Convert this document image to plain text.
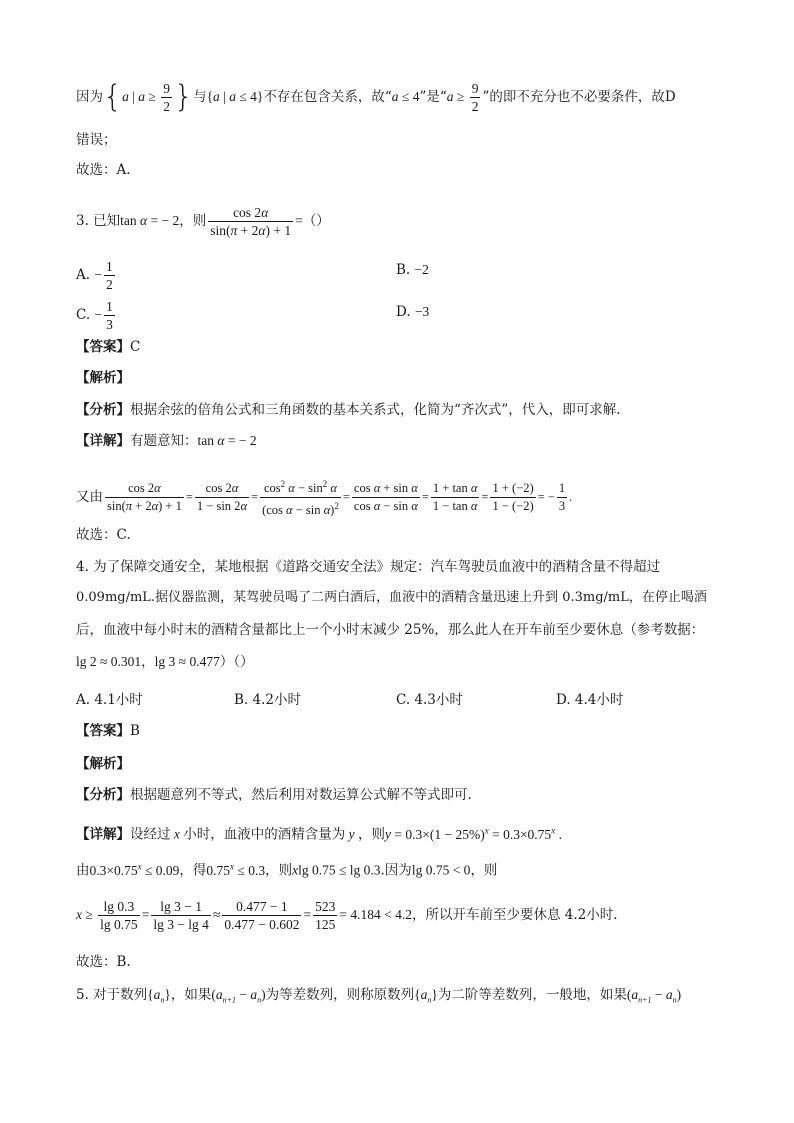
因为{a | $a \ge \frac{9}{2}$ }与{a | a ≤ 4}不存在包含关系，故“a ≤ 4”是“$a \ge \frac{9}{2}$ ”的即不充分也不必要条件，故D
错误；
故选：A.
3. 已知tan α = − 2，则 $\frac{\cos 2\alpha}{\sin(\pi + 2\alpha) + 1}$ =（）
A. − $\frac{1}{2}$	B. −2
C. − $\frac{1}{3}$	D. −3
【答案】C
【解析】
【分析】根据余弦的倍角公式和三角函数的基本关系式，化简为“齐次式”，代入，即可求解.
【详解】有题意知：tan α = − 2
又由 $\frac{\cos 2\alpha}{\sin(\pi + 2\alpha) + 1} = \frac{\cos 2\alpha}{1 - \sin 2\alpha} = \frac{\cos^2 \alpha - \sin^2 \alpha}{(\cos \alpha - \sin \alpha)^2} = \frac{\text{cos α + sin α}}{\text{cos α − sin α}} = \frac{\text{1 + tan α}}{\text{1 − tan α}} = \frac{1 + (-2)}{1 - (-2)}$ = − $\frac{1}{3}$ .
故选：C.
4. 为了保障交通安全，某地根据《道路交通安全法》规定：汽车驾驶员血液中的酒精含量不得超过
0.09mg/mL.据仪器监测，某驾驶员喝了二两白酒后，血液中的酒精含量迅速上升到 0.3mg/mL，在停止喝酒
后，血液中每小时末的酒精含量都比上一个小时末减少 25%，那么此人在开车前至少要休息（参考数据：
lg 2 ≈ 0.301，lg 3 ≈ 0.477）（）
A. 4.1小时	B. 4.2小时	C. 4.3小时	D. 4.4小时
【答案】B
【解析】
【分析】根据题意列不等式，然后利用对数运算公式解不等式即可.
【详解】设经过 x 小时，血液中的酒精含量为 y ，则$y = 0.3\times(1 - 25\%)^x = 0.3\times 0.75^x$ .
由$0.3\times 0.75^x \le 0.09$，得$0.75^x \le 0.3$，则xlg 0.75 ≤ lg 0.3.因为lg 0.75 < 0，则
$x \ge \frac{\lg 0.3}{\lg 0.75} = \frac{\lg 3 - 1}{\lg 3 - \lg 4} \approx \frac{0.477 - 1}{0.477 - 0.602} = \frac{523}{125} = 4.184 < 4.2$，所以开车前至少要休息 4.2小时.
故选：B.
5. 对于数列$\{a_n\}$，如果$(a_{n+1} - a_n)$为等差数列，则称原数列$\{a_n\}$为二阶等差数列，一般地，如果$(a_{n+1} - a_n)$
